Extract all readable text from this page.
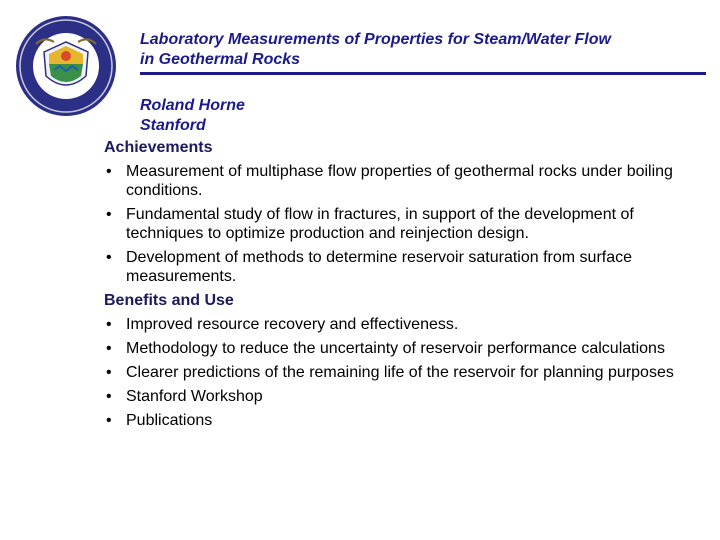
Laboratory Measurements of Properties for Steam/Water Flow
in Geothermal Rocks
Roland Horne
Stanford
Achievements
• Measurement of multiphase flow properties of geothermal rocks under boiling conditions.
• Fundamental study of flow in fractures, in support of the development of techniques to optimize production and reinjection design.
• Development of methods to determine reservoir saturation from surface measurements.
Benefits and Use
• Improved resource recovery and effectiveness.
• Methodology to reduce the uncertainty of reservoir performance calculations
• Clearer predictions of the remaining life of the reservoir for planning purposes
• Stanford Workshop
• Publications
